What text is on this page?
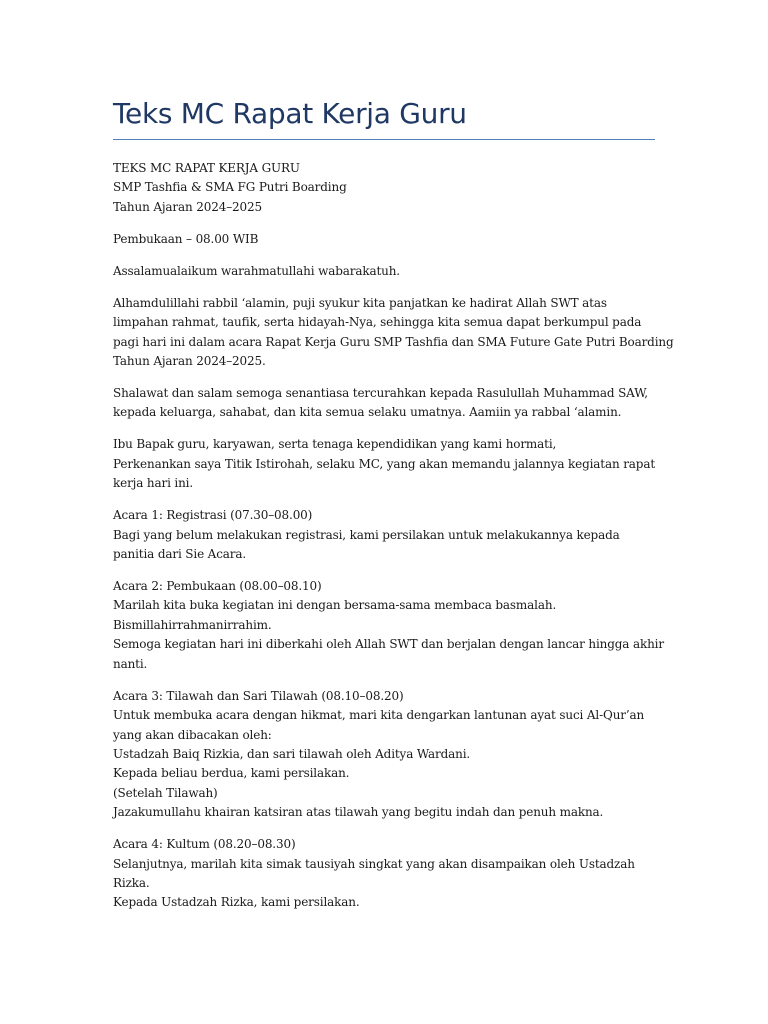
Teks MC Rapat Kerja Guru

TEKS MC RAPAT KERJA GURU
SMP Tashfia & SMA FG Putri Boarding
Tahun Ajaran 2024–2025

Pembukaan – 08.00 WIB

Assalamualaikum warahmatullahi wabarakatuh.

Alhamdulillahi rabbil ‘alamin, puji syukur kita panjatkan ke hadirat Allah SWT atas
limpahan rahmat, taufik, serta hidayah-Nya, sehingga kita semua dapat berkumpul pada
pagi hari ini dalam acara Rapat Kerja Guru SMP Tashfia dan SMA Future Gate Putri Boarding
Tahun Ajaran 2024–2025.

Shalawat dan salam semoga senantiasa tercurahkan kepada Rasulullah Muhammad SAW,
kepada keluarga, sahabat, dan kita semua selaku umatnya. Aamiin ya rabbal ‘alamin.

Ibu Bapak guru, karyawan, serta tenaga kependidikan yang kami hormati,
Perkenankan saya Titik Istirohah, selaku MC, yang akan memandu jalannya kegiatan rapat
kerja hari ini.

Acara 1: Registrasi (07.30–08.00)
Bagi yang belum melakukan registrasi, kami persilakan untuk melakukannya kepada
panitia dari Sie Acara.

Acara 2: Pembukaan (08.00–08.10)
Marilah kita buka kegiatan ini dengan bersama-sama membaca basmalah.
Bismillahirrahmanirrahim.
Semoga kegiatan hari ini diberkahi oleh Allah SWT dan berjalan dengan lancar hingga akhir
nanti.

Acara 3: Tilawah dan Sari Tilawah (08.10–08.20)
Untuk membuka acara dengan hikmat, mari kita dengarkan lantunan ayat suci Al-Qur’an
yang akan dibacakan oleh:
Ustadzah Baiq Rizkia, dan sari tilawah oleh Aditya Wardani.
Kepada beliau berdua, kami persilakan.
(Setelah Tilawah)
Jazakumullahu khairan katsiran atas tilawah yang begitu indah dan penuh makna.

Acara 4: Kultum (08.20–08.30)
Selanjutnya, marilah kita simak tausiyah singkat yang akan disampaikan oleh Ustadzah
Rizka.
Kepada Ustadzah Rizka, kami persilakan.
